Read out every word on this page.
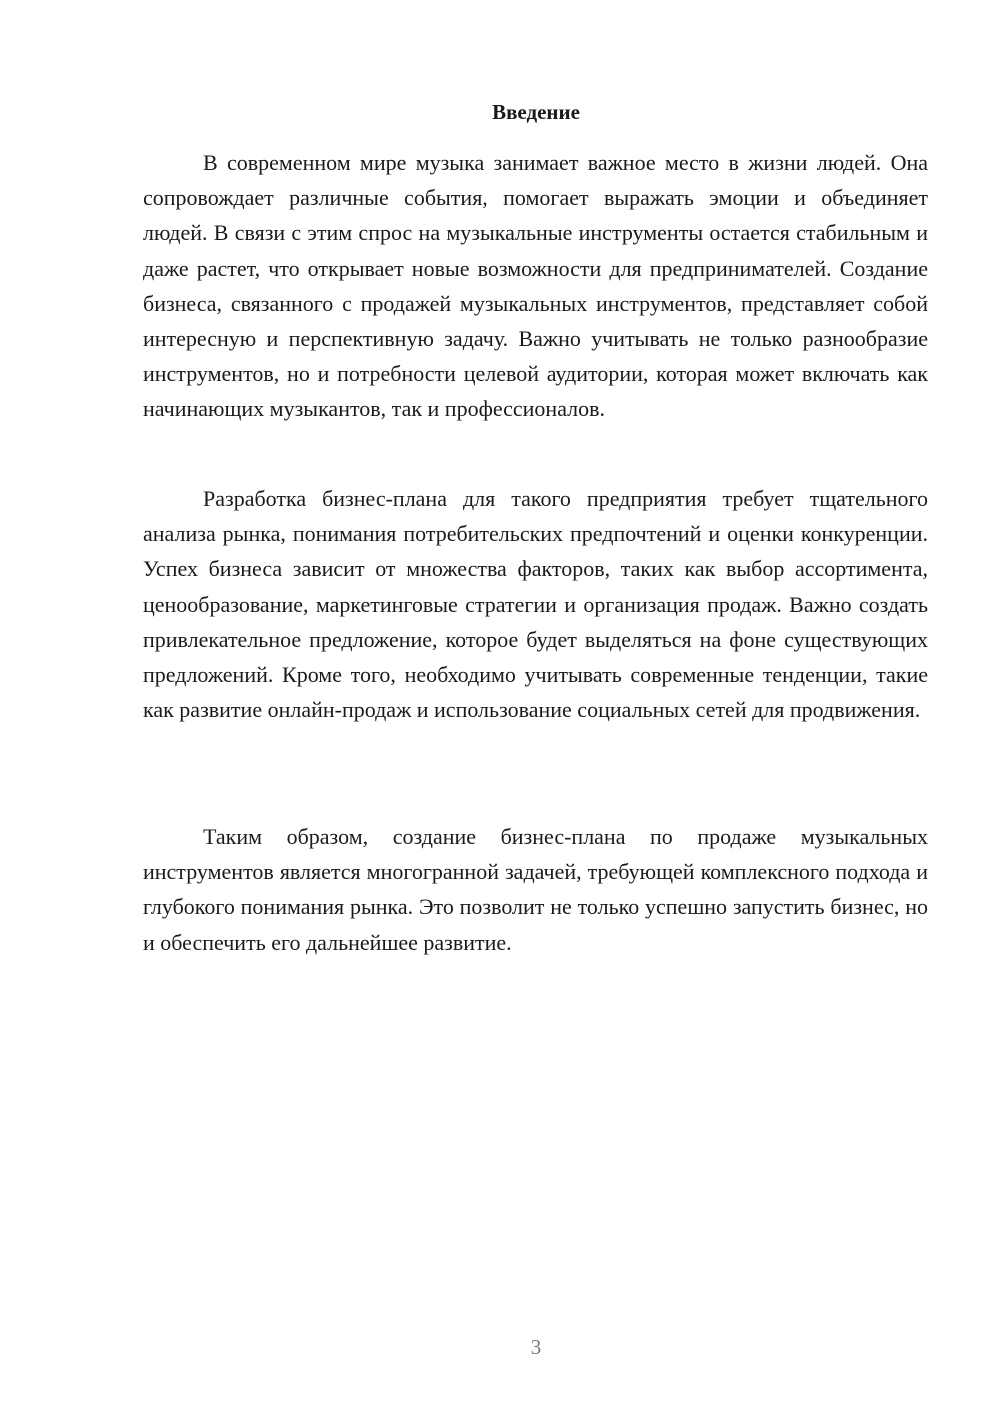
Введение

В современном мире музыка занимает важное место в жизни людей. Она сопровождает различные события, помогает выражать эмоции и объединяет людей. В связи с этим спрос на музыкальные инструменты остается стабильным и даже растет, что открывает новые возможности для предпринимателей. Создание бизнеса, связанного с продажей музыкальных инструментов, представляет собой интересную и перспективную задачу. Важно учитывать не только разнообразие инструментов, но и потребности целевой аудитории, которая может включать как начинающих музыкантов, так и профессионалов.

Разработка бизнес-плана для такого предприятия требует тщательного анализа рынка, понимания потребительских предпочтений и оценки конкуренции. Успех бизнеса зависит от множества факторов, таких как выбор ассортимента, ценообразование, маркетинговые стратегии и организация продаж. Важно создать привлекательное предложение, которое будет выделяться на фоне существующих предложений. Кроме того, необходимо учитывать современные тенденции, такие как развитие онлайн-продаж и использование социальных сетей для продвижения.

Таким образом, создание бизнес-плана по продаже музыкальных инструментов является многогранной задачей, требующей комплексного подхода и глубокого понимания рынка. Это позволит не только успешно запустить бизнес, но и обеспечить его дальнейшее развитие.

3
